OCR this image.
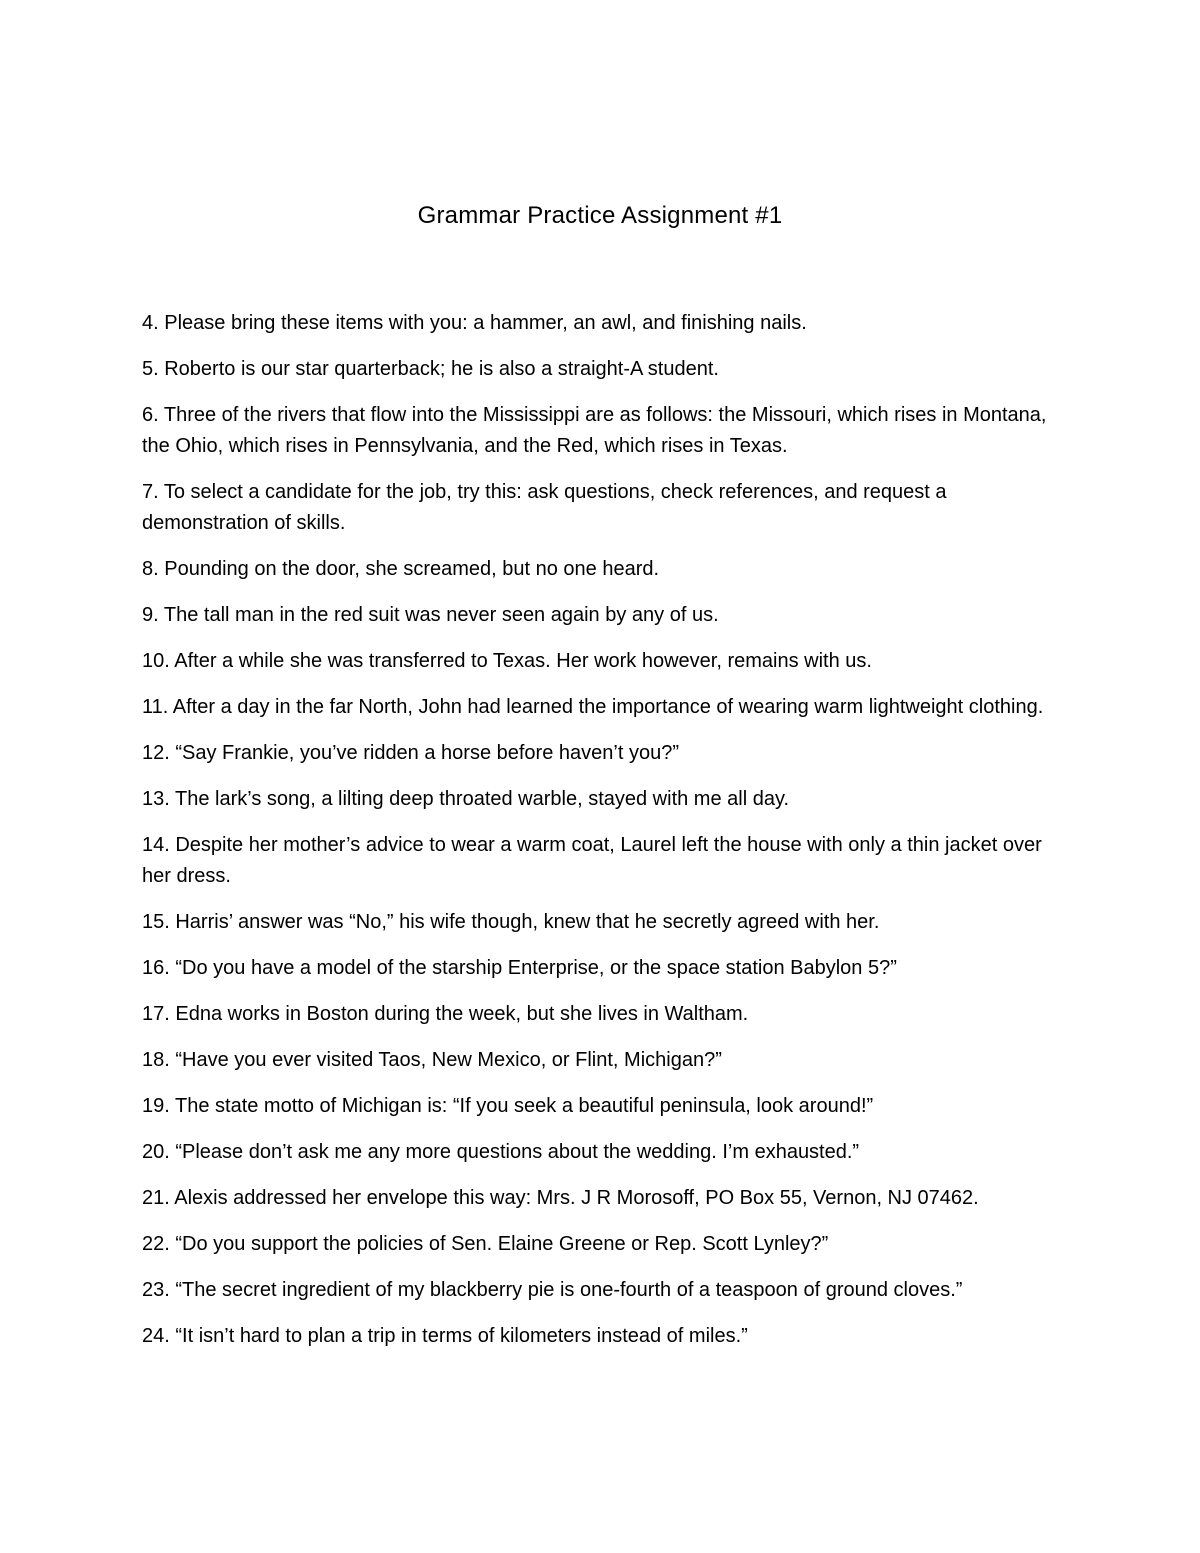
Grammar Practice Assignment #1
4. Please bring these items with you: a hammer, an awl, and finishing nails.
5. Roberto is our star quarterback; he is also a straight-A student.
6. Three of the rivers that flow into the Mississippi are as follows: the Missouri, which rises in Montana, the Ohio, which rises in Pennsylvania, and the Red, which rises in Texas.
7. To select a candidate for the job, try this: ask questions, check references, and request a demonstration of skills.
8. Pounding on the door, she screamed, but no one heard.
9. The tall man in the red suit was never seen again by any of us.
10. After a while she was transferred to Texas. Her work however, remains with us.
11. After a day in the far North, John had learned the importance of wearing warm lightweight clothing.
12. “Say Frankie, you’ve ridden a horse before haven’t you?”
13. The lark’s song, a lilting deep throated warble, stayed with me all day.
14. Despite her mother’s advice to wear a warm coat, Laurel left the house with only a thin jacket over her dress.
15. Harris’ answer was “No,” his wife though, knew that he secretly agreed with her.
16. “Do you have a model of the starship Enterprise, or the space station Babylon 5?”
17. Edna works in Boston during the week, but she lives in Waltham.
18. “Have you ever visited Taos, New Mexico, or Flint, Michigan?”
19. The state motto of Michigan is: “If you seek a beautiful peninsula, look around!”
20. “Please don’t ask me any more questions about the wedding. I’m exhausted.”
21. Alexis addressed her envelope this way: Mrs. J R Morosoff, PO Box 55, Vernon, NJ 07462.
22. “Do you support the policies of Sen. Elaine Greene or Rep. Scott Lynley?”
23. “The secret ingredient of my blackberry pie is one-fourth of a teaspoon of ground cloves.”
24. “It isn’t hard to plan a trip in terms of kilometers instead of miles.”
